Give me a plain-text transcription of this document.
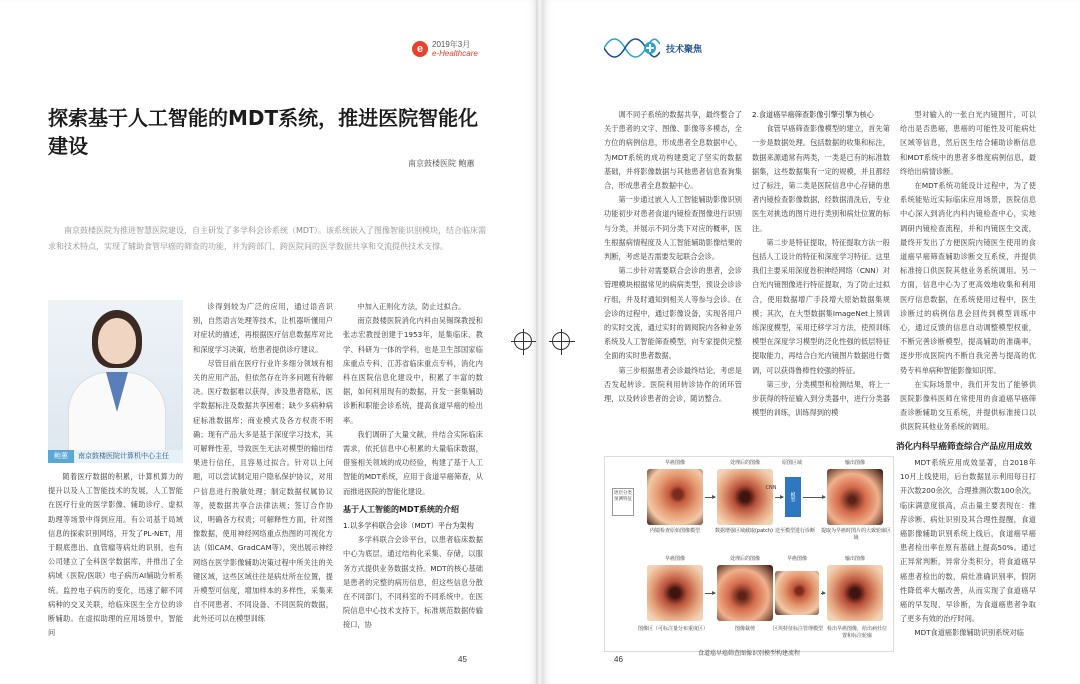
e	2019年3月
e-Healthcare
探索基于人工智能的MDT系统，推进医院智能化建设
南京鼓楼医院 鲍蕙
南京鼓楼医院为推进智慧医院建设，自主研发了多学科会诊系统（MDT）。该系统嵌入了图像智能识别模块，结合临床需求和技术特点，实现了辅助食管早癌的筛查的功能，并为跨部门、跨医院间的医学数据共享和交流提供技术支撑。
鲍蕙	南京鼓楼医院计算机中心主任

随着医疗数据的积累，计算机算力的提升以及人工智能技术的发展，人工智能在医疗行业的医学影像、辅助诊疗、虚拟助理等场景中得到应用。有公司基于局域信息的探索识别网络，开发了PL-NET，用于眼底患出、血管瘤等病灶的识别，也有公司建立了全科医学数据库，并推出了全病域（医院/医联）电子病历AI辅助分析系统。监控电子病历的变化，迅速了解不同病种的交叉关联，给临床医生全方位的诊断辅助。在虚拟助理的应用场景中，智能问

诊得到较为广泛的应用，通过语音识别，自然语言处理等技术，让机器听懂用户对症状的描述，再根据医疗信息数据库对比和深度学习决策，给患者提供诊疗建议。

尽管目前在医疗行业许多细分领域有相关的应用产品，但依然存在许多问题有待解决。医疗数据难以获得，涉及患者隐私，医学数据标注及数据共享困难；缺少多病种病症标准数据库；商业模式及各方权责不明确；现有产品大多是基于深度学习技术，其可解释性差，导致医生无法对模型的输出结果进行信任，且容易过拟合。针对以上问题，可以尝试制定用户隐私保护协议，对用户信息进行脱敏处理；制定数据权属协议等，使数据共享合法律法规；签订合作协议，明确各方权责；可解释性方面，针对图像数据，使用神经网络重点热图的可视化方法（如CAM、GradCAM等），突出展示神经网络在医学影像辅助决策过程中所关注的关键区域，这些区域往往是病灶所在位置，提升模型可信度，增加样本的多样性，采集来自不同患者、不同设备、不同医院的数据，此外还可以在模型训练

中加入正则化方法，防止过拟合。

南京鼓楼医院消化内科由吴锡琛教授和张志宏教授创建于1953年，是集临床、教学、科研为一体的学科，也是卫生部国家临床重点专科、江苏省临床重点专科，消化内科在医院信息化建设中，积累了丰富的数据，如何利用现有的数据，开发一套集辅助诊断和职能会诊系统，提高食道早癌的检出率。

我们调研了大量文献，并结合实际临床需求，依托信息中心积累的大量临床数据，借鉴相关领域的成功经验，构建了基于人工智能的MDT系统，应用于食道早癌筛查，从而推进医院的智能化建设。

基于人工智能的MDT系统的介绍

1.以多学科联合会诊（MDT）平台为架构

多学科联合会诊平台，以患者临床数据中心为底层，通过结构化采集、存储，以服务方式提供业务数据支持。MDT的核心基础是患者的完整的病历信息，但这些信息分散在不同部门，不同科室的不同系统中。在医院信息中心技术支持下，标准规范数据传输接口，协

45
技术聚焦

调不同子系统的数据共享，最终整合了关于患者的文字、图像、影像等多模态，全方位的病例信息，形成患者全息数据中心，为MDT系统的成功构建奠定了坚实的数据基础，并将影像数据与其他患者信息查询集合，形成患者全息数据中心。

第一步通过嵌入人工智能辅助影像识别功能初步对患者食道内镜检查图像进行识别与分类，并展示不同分类下对应的概率，医生根据病情程度及人工智能辅助影像结果的判断，考虑是否需要发起联合会诊。

第二步针对需要联合会诊的患者，会诊管理模块根据常见的病病类型，预设会诊诊疗组，并及时通知到相关人等参与会诊。在会诊的过程中，通过影像设备，实现各用户的实时交流，通过实时的调阅院内各种业务系统及人工智能筛查模型，向专家提供完整全面的实时患者数据。

第三步根据患者会诊最终结论，考虑是否发起转诊。医院利用转诊协作的闭环管理，以及转诊患者的会诊，随访整合。

2.食道癌早癌筛查影像引擎引擎为核心

食管早癌筛查影像模型的建立，首先第一步是数据处理。包括数据的收集和标注，数据来源通常有两类，一类是已有的标准数据集，这些数据集有一定的规模，并且都经过了标注，第二类是医院信息中心存储的患者内镜检查影像数据，经数据清洗后，专业医生对挑选的图片进行类别和病灶位置的标注。

第二步是特征提取，特征提取方法一般包括人工设计的特征和深度学习特征。这里我们主要采用深度卷积神经网络（CNN）对白光内镜图像进行特征提取，为了防止过拟合，使用数据增广手段增大原始数据集规模；其次，在大型数据集ImageNet上预训练深度模型，采用迁移学习方法，使预训练模型在深度学习模型的泛化性强的低层特征提取能力，再结合白光内镜图片数据进行微调，可以获得鲁棒性较强的特征。

第三步，分类模型和检测结果，将上一步获得的特征输入到分类器中，进行分类器模型的训练，训练得到的模

型对输入的一张白光内镜图片，可以给出是否患癌，患癌的可能性及可能病灶区域等信息，然后医生结合辅助诊断信息和MDT系统中的患者多维度病例信息，最终给出病情诊断。

在MDT系统功能设计过程中，为了使系统能贴近实际临床应用场景，医院信息中心深入到消化内科内镜检查中心，实地调研内镜检查流程，并和内镜医生交流，最终开发出了方便医院内镜医生使用的食道癌早癌筛查辅助诊断交互系统，并提供标准接口供医院其他业务系统调用。另一方面，信息中心为了更高效地收集和利用医疗信息数据，在系统使用过程中，医生诊断过的病例信息会回传到模型训练中心，通过反馈的信息自动调整模型权重，不断完善诊断模型，提高辅助的准确率，逐步形成医院内不断自我完善与提高的优势专科单病种智能影像知识库。

在实际场景中，我们开发出了能够供医院影像科医师在常使用的食道癌早癌筛查诊断辅助交互系统，并提供标准接口以供医院其他业务系统的调用。

消化内科早癌筛查综合产品应用成效

MDT系统应用成效显著，自2018年10月上线使用，后台数据显示利用每日打开次数200余次，合理推测次数100余次，临床满意度很高，点击量主要表现在：推荐诊断、病灶识别及其合理性提醒，食道癌影像辅助识别系统上线后，食道癌早癌患者检出率在原有基础上提高50%。通过正异常判断，异常分类积分，将食道癌早癌患者检出的数，病灶准确识别率，假阴性降低率大幅改善，从而实现了食道癌早癌的早发现、早诊断，为食道癌患者争取了更多有效的治疗时间。

MDT食道癌影像辅助识别系统对临

早癌图像	处理后的图像	原图区域	输出图像
模型
CNN
内镜检查原始图像模型	数据增强区域截取(patch) 送至模型进行诊断 提取为早癌时图片的大致轮廓区域
早癌图像	处理后的图像	早癌图像	输出图像
图像区（可标注量分布重度区）	图像裁剪	区块特征标注管理模型 检出早癌图像，给出病灶位置和标注轮廓
逐层分类预测特征
食道癌早癌筛查图像识别模型构建流程
46
